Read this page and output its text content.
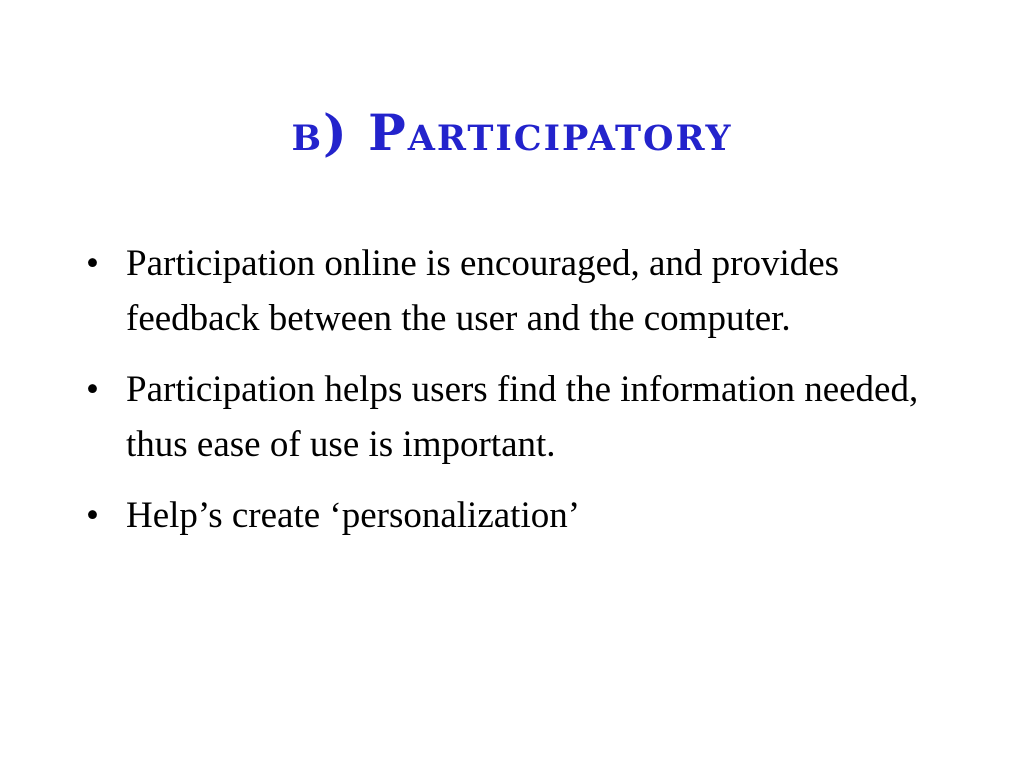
b) Participatory
• Participation online is encouraged, and provides feedback between the user and the computer.
• Participation helps users find the information needed, thus ease of use is important.
• Help’s create ‘personalization’
